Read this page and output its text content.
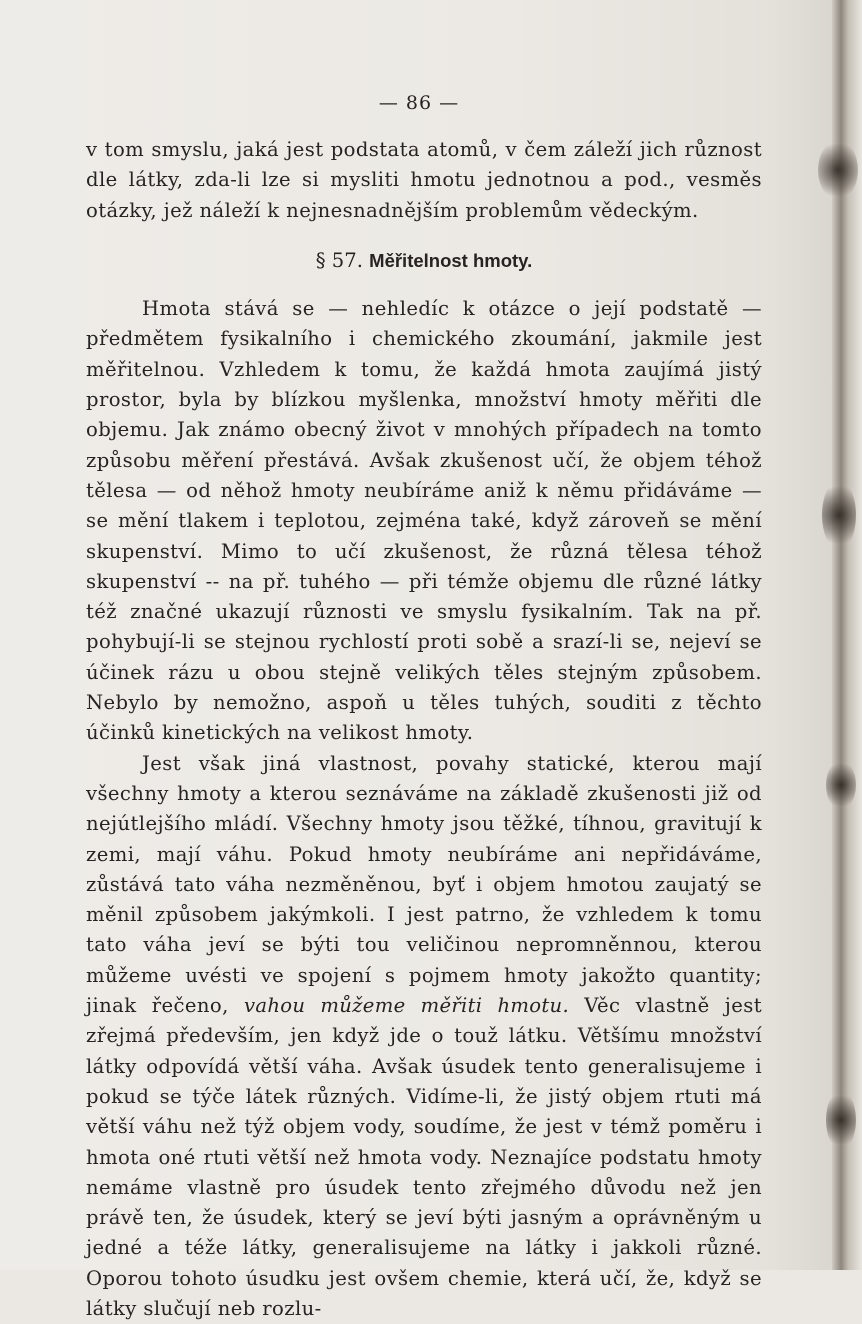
— 86 —

v tom smyslu, jaká jest podstata atomů, v čem záleží jich různost dle látky, zda-li lze si mysliti hmotu jednotnou a pod., vesměs otázky, jež náleží k nejnesnadnějším problemům vědeckým.

§ 57. Měřitelnost hmoty.

Hmota stává se — nehledíc k otázce o její podstatě — předmětem fysikalního i chemického zkoumání, jakmile jest měřitelnou. Vzhledem k tomu, že každá hmota zaujímá jistý prostor, byla by blízkou myšlenka, množství hmoty měřiti dle objemu. Jak známo obecný život v mnohých případech na tomto způsobu měření přestává. Avšak zkušenost učí, že objem téhož tělesa — od něhož hmoty neubíráme aniž k němu přidáváme — se mění tlakem i teplotou, zejména také, když zároveň se mění skupenství. Mimo to učí zkušenost, že různá tělesa téhož skupenství -- na př. tuhého — při témže objemu dle různé látky též značné ukazují různosti ve smyslu fysikalním. Tak na př. pohybují-li se stejnou rychlostí proti sobě a srazí-li se, nejeví se účinek rázu u obou stejně velikých těles stejným způsobem. Nebylo by nemožno, aspoň u těles tuhých, souditi z těchto účinků kinetických na velikost hmoty.

Jest však jiná vlastnost, povahy statické, kterou mají všechny hmoty a kterou seznáváme na základě zkušenosti již od nejútlejšího mládí. Všechny hmoty jsou těžké, tíhnou, gravitují k zemi, mají váhu. Pokud hmoty neubíráme ani nepřidáváme, zůstává tato váha nezměněnou, byť i objem hmotou zaujatý se měnil způsobem jakýmkoli. I jest patrno, že vzhledem k tomu tato váha jeví se býti tou veličinou nepromněnnou, kterou můžeme uvésti ve spojení s pojmem hmoty jakožto quantity; jinak řečeno, vahou můžeme měřiti hmotu. Věc vlastně jest zřejmá především, jen když jde o touž látku. Většímu množství látky odpovídá větší váha. Avšak úsudek tento generalisujeme i pokud se týče látek různých. Vidíme-li, že jistý objem rtuti má větší váhu než týž objem vody, soudíme, že jest v témž poměru i hmota oné rtuti větší než hmota vody. Neznajíce podstatu hmoty nemáme vlastně pro úsudek tento zřejmého důvodu než jen právě ten, že úsudek, který se jeví býti jasným a oprávněným u jedné a téže látky, generalisujeme na látky i jakkoli různé. Oporou tohoto úsudku jest ovšem chemie, která učí, že, když se látky slučují neb rozlu-
